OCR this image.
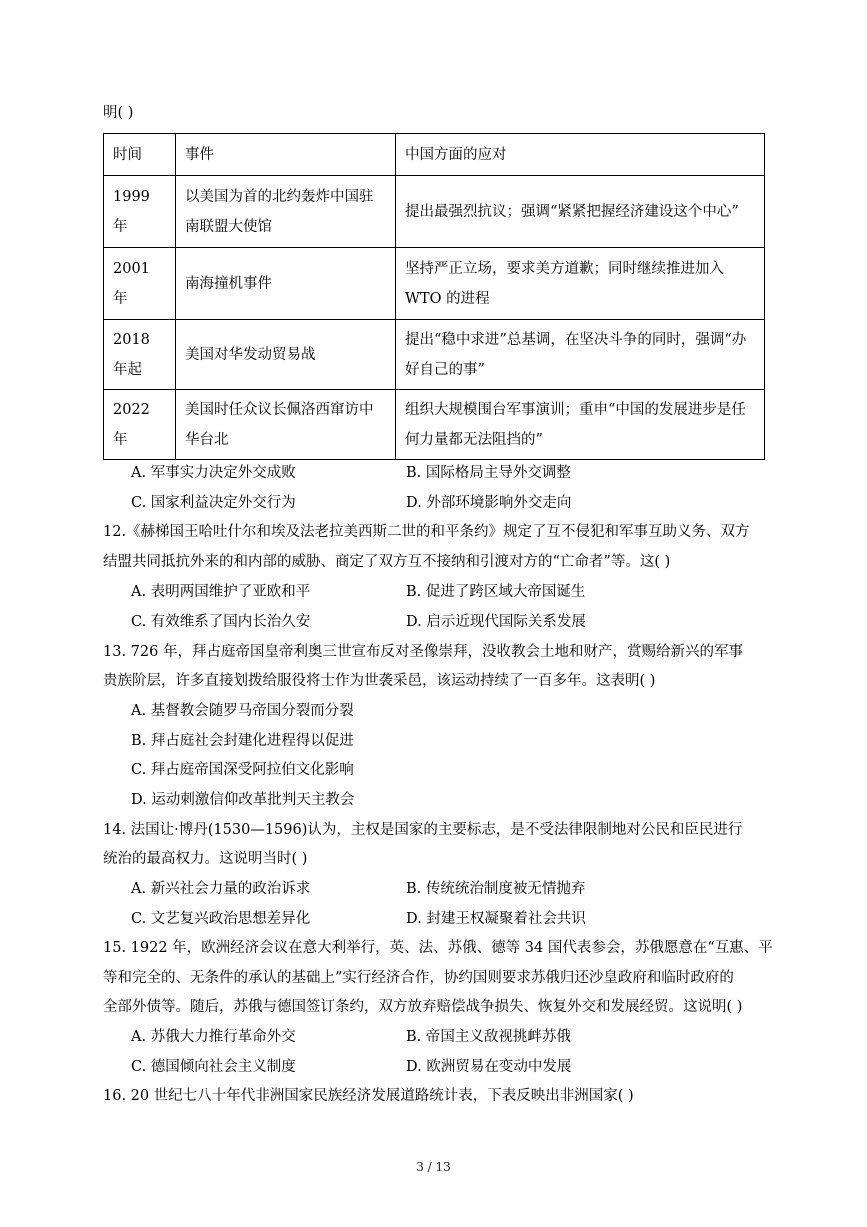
明( )
时间	事件	中国方面的应对
1999 年	以美国为首的北约轰炸中国驻南联盟大使馆	提出最强烈抗议；强调“紧紧把握经济建设这个中心”
2001 年	南海撞机事件	坚持严正立场，要求美方道歉；同时继续推进加入 WTO 的进程
2018 年起	美国对华发动贸易战	提出“稳中求进”总基调，在坚决斗争的同时，强调“办好自己的事”
2022 年	美国时任众议长佩洛西窜访中华台北	组织大规模围台军事演训；重申“中国的发展进步是任何力量都无法阻挡的”
A. 军事实力决定外交成败	B. 国际格局主导外交调整
C. 国家利益决定外交行为	D. 外部环境影响外交走向
12.《赫梯国王哈吐什尔和埃及法老拉美西斯二世的和平条约》规定了互不侵犯和军事互助义务、双方
结盟共同抵抗外来的和内部的威胁、商定了双方互不接纳和引渡对方的“亡命者”等。这( )
A. 表明两国维护了亚欧和平	B. 促进了跨区域大帝国诞生
C. 有效维系了国内长治久安	D. 启示近现代国际关系发展
13. 726 年，拜占庭帝国皇帝利奥三世宣布反对圣像崇拜，没收教会土地和财产，赏赐给新兴的军事
贵族阶层，许多直接划拨给服役将士作为世袭采邑，该运动持续了一百多年。这表明( )
A. 基督教会随罗马帝国分裂而分裂
B. 拜占庭社会封建化进程得以促进
C. 拜占庭帝国深受阿拉伯文化影响
D. 运动刺激信仰改革批判天主教会
14. 法国让·博丹(1530—1596)认为，主权是国家的主要标志，是不受法律限制地对公民和臣民进行
统治的最高权力。这说明当时( )
A. 新兴社会力量的政治诉求	B. 传统统治制度被无情抛弃
C. 文艺复兴政治思想差异化	D. 封建王权凝聚着社会共识
15. 1922 年，欧洲经济会议在意大利举行，英、法、苏俄、德等 34 国代表参会，苏俄愿意在“互惠、平
等和完全的、无条件的承认的基础上”实行经济合作，协约国则要求苏俄归还沙皇政府和临时政府的
全部外债等。随后，苏俄与德国签订条约，双方放弃赔偿战争损失、恢复外交和发展经贸。这说明( )
A. 苏俄大力推行革命外交	B. 帝国主义敌视挑衅苏俄
C. 德国倾向社会主义制度	D. 欧洲贸易在变动中发展
16. 20 世纪七八十年代非洲国家民族经济发展道路统计表，下表反映出非洲国家( )
3 / 13
